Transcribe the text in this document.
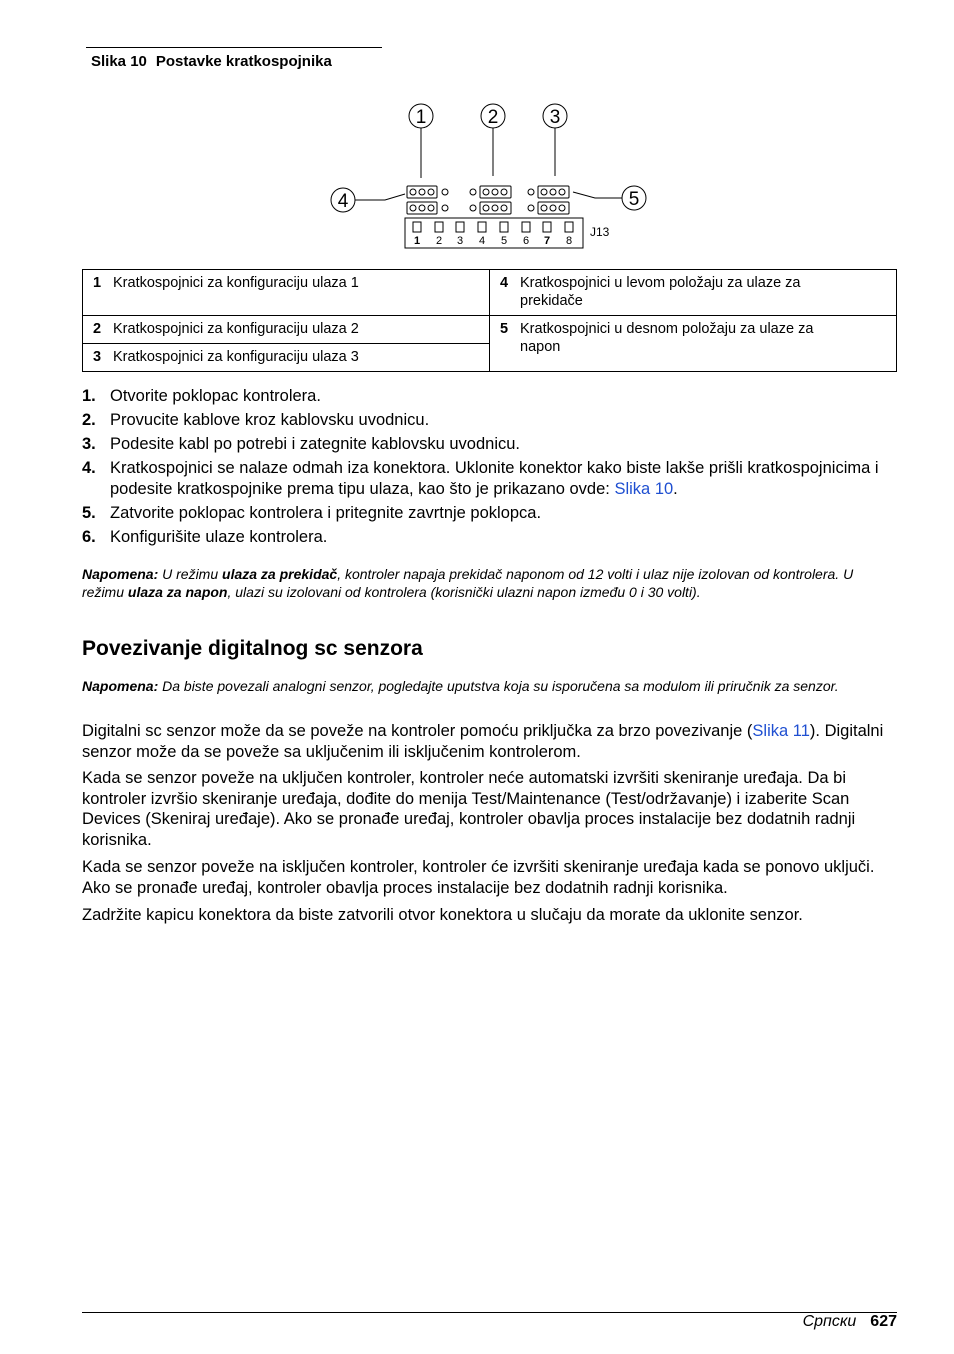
Slika 10 Postavke kratkospojnika
1	2	3
4	5
J13
1 2 3 4 5 6 7 8
1 Kratkospojnici za konfiguraciju ulaza 1	4 Kratkospojnici u levom položaju za ulaze za prekidače
2 Kratkospojnici za konfiguraciju ulaza 2	5 Kratkospojnici u desnom položaju za ulaze za napon
3 Kratkospojnici za konfiguraciju ulaza 3	
1. Otvorite poklopac kontrolera.
2. Provucite kablove kroz kablovsku uvodnicu.
3. Podesite kabl po potrebi i zategnite kablovsku uvodnicu.
4. Kratkospojnici se nalaze odmah iza konektora. Uklonite konektor kako biste lakše prišli kratkospojnicima i podesite kratkospojnike prema tipu ulaza, kao što je prikazano ovde: Slika 10.
5. Zatvorite poklopac kontrolera i pritegnite zavrtnje poklopca.
6. Konfigurišite ulaze kontrolera.
Napomena: U režimu ulaza za prekidač, kontroler napaja prekidač naponom od 12 volti i ulaz nije izolovan od kontrolera. U režimu ulaza za napon, ulazi su izolovani od kontrolera (korisnički ulazni napon između 0 i 30 volti).
Povezivanje digitalnog sc senzora
Napomena: Da biste povezali analogni senzor, pogledajte uputstva koja su isporučena sa modulom ili priručnik za senzor.

Digitalni sc senzor može da se poveže na kontroler pomoću priključka za brzo povezivanje (Slika 11). Digitalni senzor može da se poveže sa uključenim ili isključenim kontrolerom.

Kada se senzor poveže na uključen kontroler, kontroler neće automatski izvršiti skeniranje uređaja. Da bi kontroler izvršio skeniranje uređaja, dođite do menija Test/Maintenance (Test/održavanje) i izaberite Scan Devices (Skeniraj uređaje). Ako se pronađe uređaj, kontroler obavlja proces instalacije bez dodatnih radnji korisnika.

Kada se senzor poveže na isključen kontroler, kontroler će izvršiti skeniranje uređaja kada se ponovo uključi. Ako se pronađe uređaj, kontroler obavlja proces instalacije bez dodatnih radnji korisnika.

Zadržite kapicu konektora da biste zatvorili otvor konektora u slučaju da morate da uklonite senzor.

Српски 627
